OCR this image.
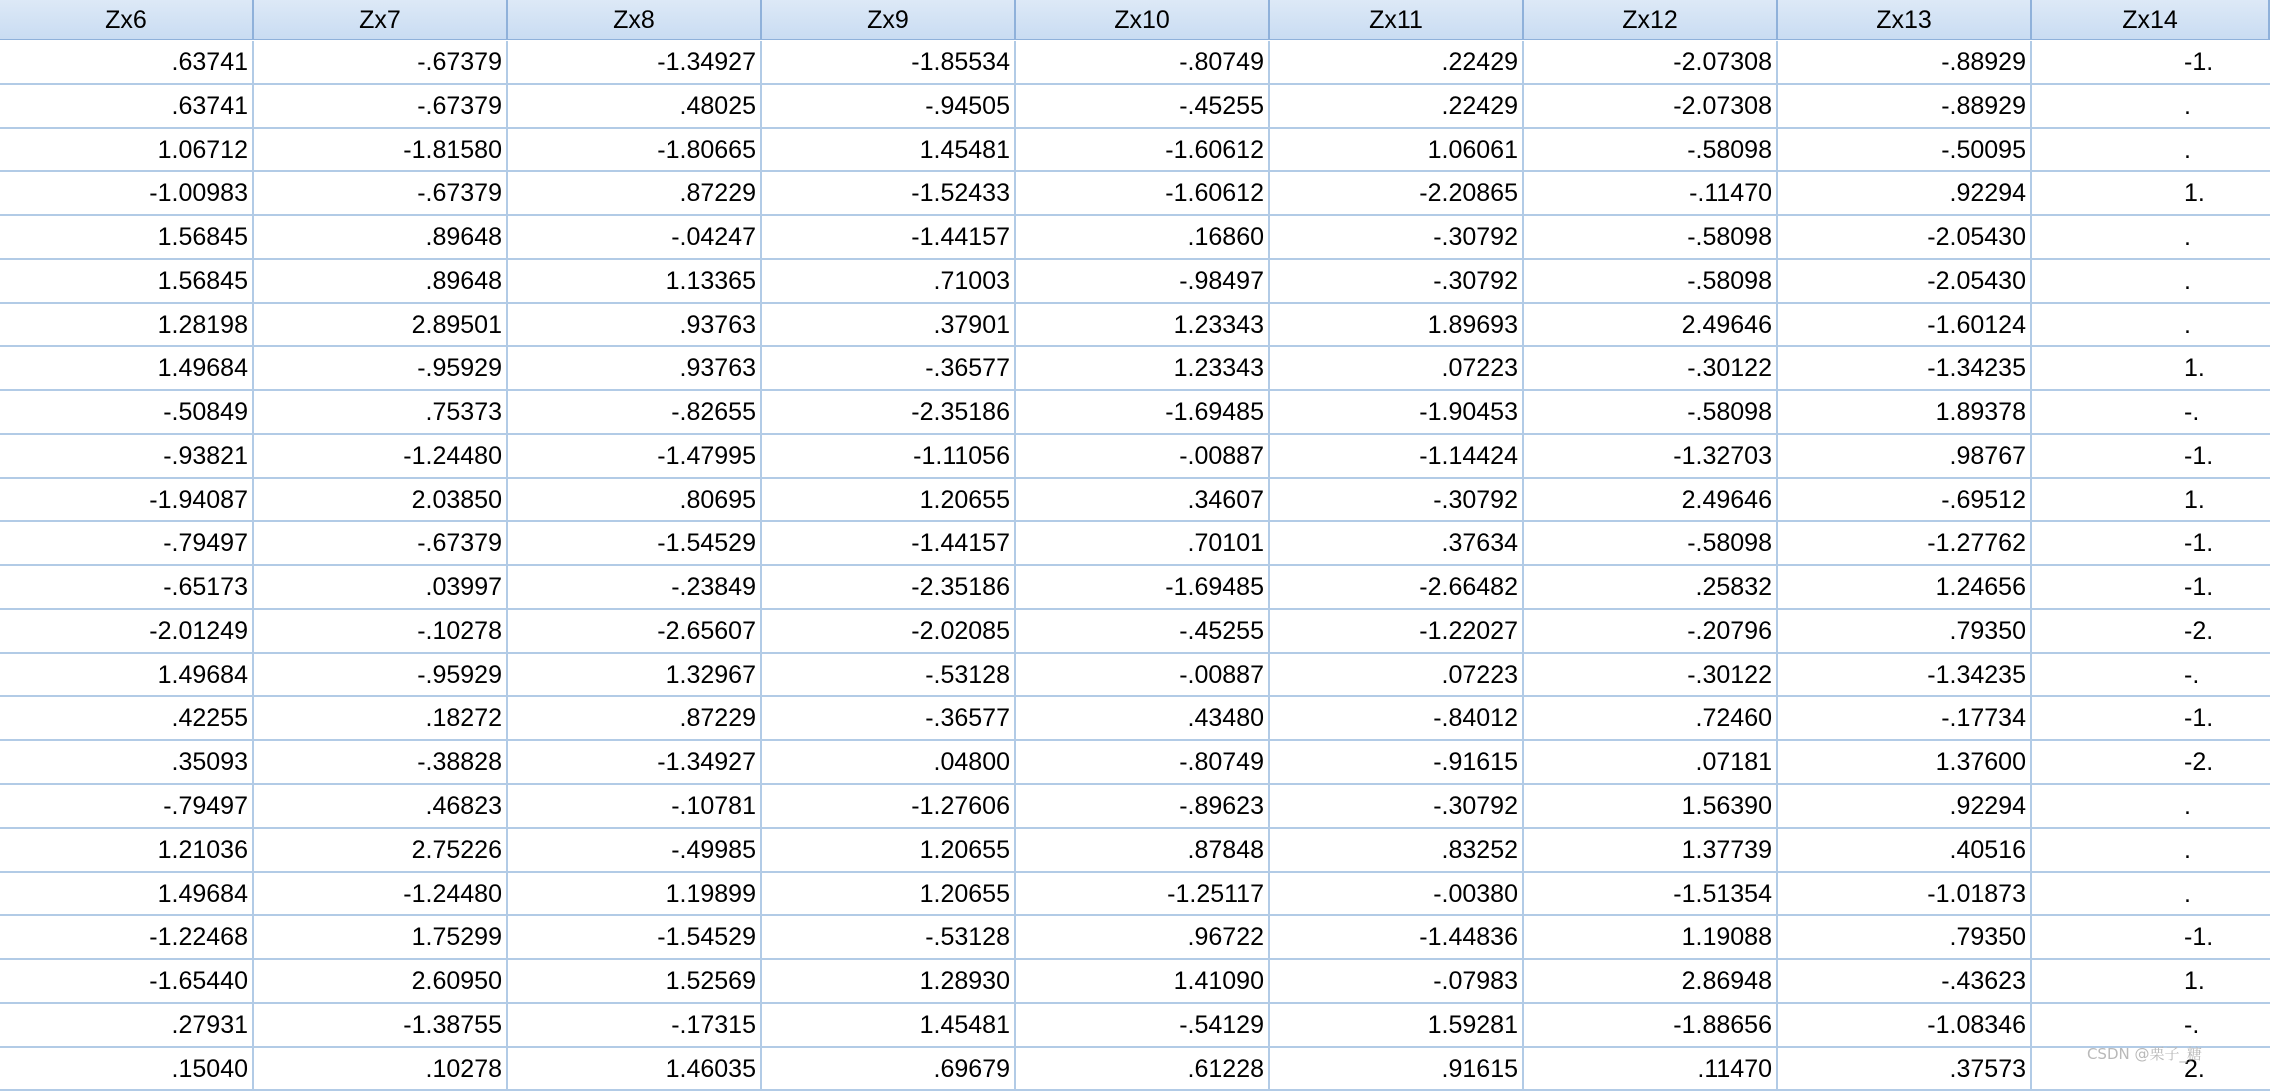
Zx6	Zx7	Zx8	Zx9	Zx10	Zx11	Zx12	Zx13	Zx14
.63741	-.67379	-1.34927	-1.85534	-.80749	.22429	-2.07308	-.88929	-1.
.63741	-.67379	.48025	-.94505	-.45255	.22429	-2.07308	-.88929	.
1.06712	-1.81580	-1.80665	1.45481	-1.60612	1.06061	-.58098	-.50095	.
-1.00983	-.67379	.87229	-1.52433	-1.60612	-2.20865	-.11470	.92294	1.
1.56845	.89648	-.04247	-1.44157	.16860	-.30792	-.58098	-2.05430	.
1.56845	.89648	1.13365	.71003	-.98497	-.30792	-.58098	-2.05430	.
1.28198	2.89501	.93763	.37901	1.23343	1.89693	2.49646	-1.60124	.
1.49684	-.95929	.93763	-.36577	1.23343	.07223	-.30122	-1.34235	1.
-.50849	.75373	-.82655	-2.35186	-1.69485	-1.90453	-.58098	1.89378	-.
-.93821	-1.24480	-1.47995	-1.11056	-.00887	-1.14424	-1.32703	.98767	-1.
-1.94087	2.03850	.80695	1.20655	.34607	-.30792	2.49646	-.69512	1.
-.79497	-.67379	-1.54529	-1.44157	.70101	.37634	-.58098	-1.27762	-1.
-.65173	.03997	-.23849	-2.35186	-1.69485	-2.66482	.25832	1.24656	-1.
-2.01249	-.10278	-2.65607	-2.02085	-.45255	-1.22027	-.20796	.79350	-2.
1.49684	-.95929	1.32967	-.53128	-.00887	.07223	-.30122	-1.34235	-.
.42255	.18272	.87229	-.36577	.43480	-.84012	.72460	-.17734	-1.
.35093	-.38828	-1.34927	.04800	-.80749	-.91615	.07181	1.37600	-2.
-.79497	.46823	-.10781	-1.27606	-.89623	-.30792	1.56390	.92294	.
1.21036	2.75226	-.49985	1.20655	.87848	.83252	1.37739	.40516	.
1.49684	-1.24480	1.19899	1.20655	-1.25117	-.00380	-1.51354	-1.01873	.
-1.22468	1.75299	-1.54529	-.53128	.96722	-1.44836	1.19088	.79350	-1.
-1.65440	2.60950	1.52569	1.28930	1.41090	-.07983	2.86948	-.43623	1.
.27931	-1.38755	-.17315	1.45481	-.54129	1.59281	-1.88656	-1.08346	-.
.15040	.10278	1.46035	.69679	.61228	.91615	.11470	.37573	2.
CSDN @栗子_糖
